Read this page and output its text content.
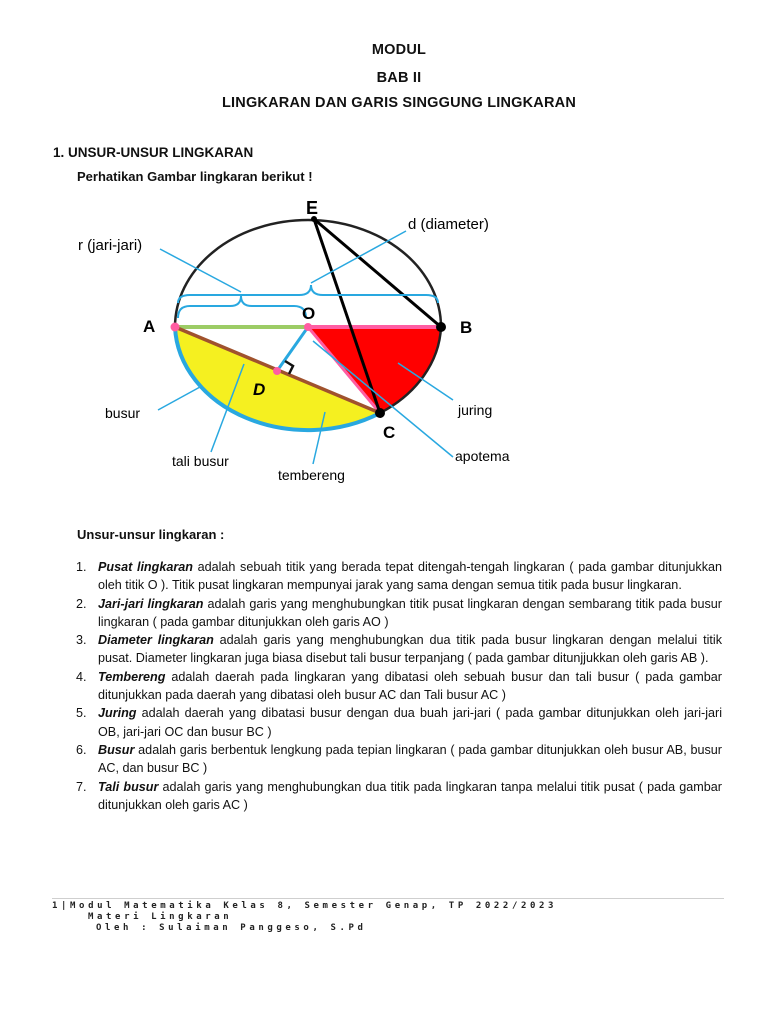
MODUL
BAB II
LINGKARAN DAN GARIS SINGGUNG LINGKARAN
1. UNSUR-UNSUR LINGKARAN
Perhatikan Gambar lingkaran berikut !
E
A
O
B
C
D
d (diameter)
r (jari-jari)
busur	juring
tali busur
tembereng
apotema
Unsur-unsur lingkaran :
1. Pusat lingkaran adalah sebuah titik yang berada tepat ditengah-tengah lingkaran ( pada gambar ditunjukkan oleh titik O ). Titik pusat lingkaran mempunyai jarak yang sama dengan semua titik pada busur lingkaran.
2. Jari-jari lingkaran adalah garis yang menghubungkan titik pusat lingkaran dengan sembarang titik pada busur lingkaran ( pada gambar ditunjukkan oleh garis AO )
3. Diameter lingkaran adalah garis yang menghubungkan dua titik pada busur lingkaran dengan melalui titik pusat. Diameter lingkaran juga biasa disebut tali busur terpanjang ( pada gambar ditunjjukkan oleh garis AB ).
4. Tembereng adalah daerah pada lingkaran yang dibatasi oleh sebuah busur dan tali busur ( pada gambar ditunjukkan pada daerah yang dibatasi oleh busur AC dan Tali busur AC )
5. Juring adalah daerah yang dibatasi busur dengan dua buah jari-jari ( pada gambar ditunjukkan oleh jari-jari OB, jari-jari OC dan busur BC )
6. Busur adalah garis berbentuk lengkung pada tepian lingkaran ( pada gambar ditunjukkan oleh busur AB, busur AC, dan busur BC )
7. Tali busur adalah garis yang menghubungkan dua titik pada lingkaran tanpa melalui titik pusat ( pada gambar ditunjukkan oleh garis AC )
1|Modul Matematika Kelas 8, Semester Genap, TP 2022/2023
Materi Lingkaran
Oleh : Sulaiman Panggeso, S.Pd
